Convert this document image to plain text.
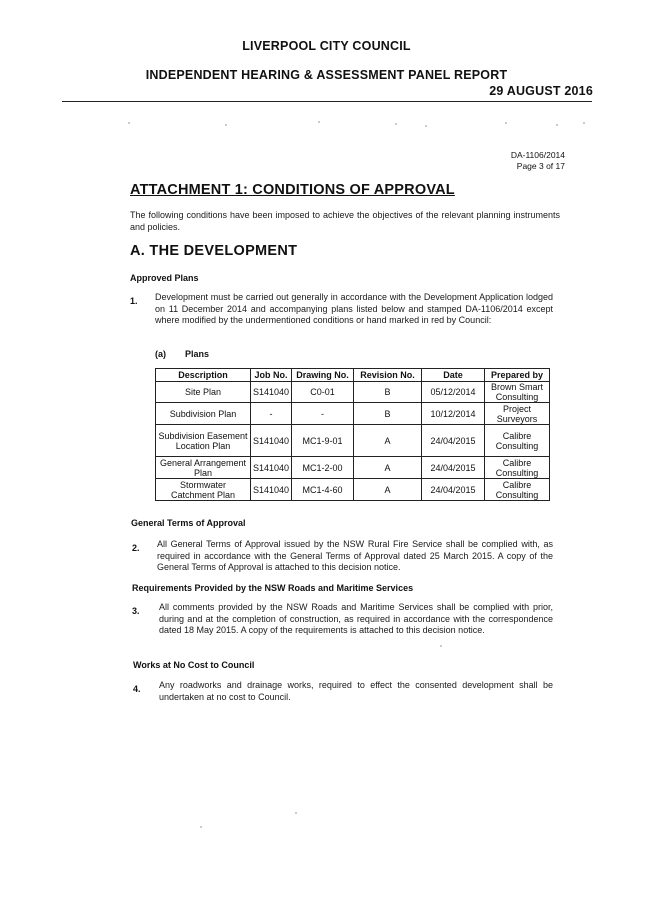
LIVERPOOL CITY COUNCIL
INDEPENDENT HEARING & ASSESSMENT PANEL REPORT
29 AUGUST 2016
DA-1106/2014
Page 3 of 17
ATTACHMENT 1: CONDITIONS OF APPROVAL
The following conditions have been imposed to achieve the objectives of the relevant planning instruments and policies.
A. THE DEVELOPMENT
Approved Plans
1. Development must be carried out generally in accordance with the Development Application lodged on 11 December 2014 and accompanying plans listed below and stamped DA-1106/2014 except where modified by the undermentioned conditions or hand marked in red by Council:
(a) Plans
Description	Job No.	Drawing No.	Revision No.	Date	Prepared by
Site Plan	S141040	C0-01	B	05/12/2014	Brown Smart Consulting
Subdivision Plan	-	-	B	10/12/2014	Project Surveyors
Subdivision Easement Location Plan	S141040	MC1-9-01	A	24/04/2015	Calibre Consulting
General Arrangement Plan	S141040	MC1-2-00	A	24/04/2015	Calibre Consulting
Stormwater Catchment Plan	S141040	MC1-4-60	A	24/04/2015	Calibre Consulting
General Terms of Approval
2. All General Terms of Approval issued by the NSW Rural Fire Service shall be complied with, as required in accordance with the General Terms of Approval dated 25 March 2015. A copy of the General Terms of Approval is attached to this decision notice.
Requirements Provided by the NSW Roads and Maritime Services
3. All comments provided by the NSW Roads and Maritime Services shall be complied with prior, during and at the completion of construction, as required in accordance with the correspondence dated 18 May 2015. A copy of the requirements is attached to this decision notice.
Works at No Cost to Council
4. Any roadworks and drainage works, required to effect the consented development shall be undertaken at no cost to Council.
